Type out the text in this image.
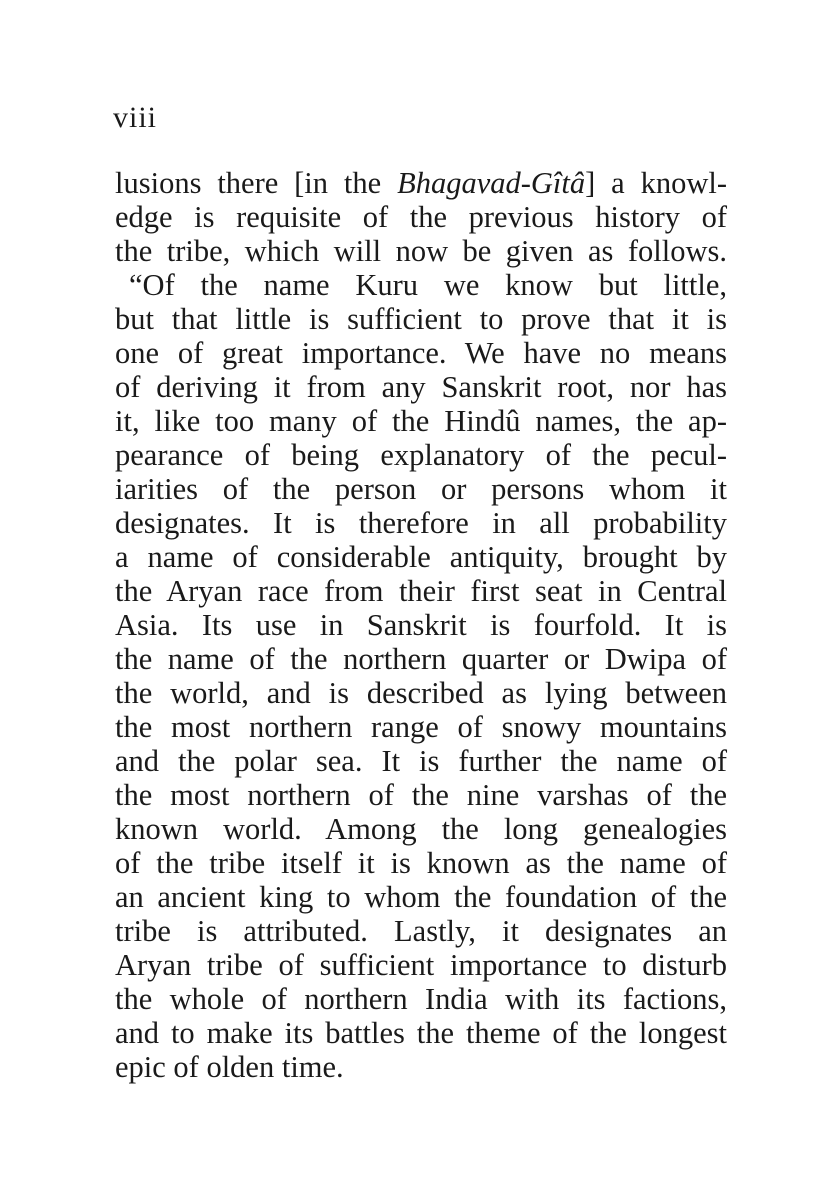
viii
lusions there [in the Bhagavad-Gîtâ] a knowl-
edge is requisite of the previous history of
the tribe, which will now be given as follows.
“Of the name Kuru we know but little,
but that little is sufficient to prove that it is
one of great importance. We have no means
of deriving it from any Sanskrit root, nor has
it, like too many of the Hindû names, the ap-
pearance of being explanatory of the pecul-
iarities of the person or persons whom it
designates. It is therefore in all probability
a name of considerable antiquity, brought by
the Aryan race from their first seat in Central
Asia. Its use in Sanskrit is fourfold. It is
the name of the northern quarter or Dwipa of
the world, and is described as lying between
the most northern range of snowy mountains
and the polar sea. It is further the name of
the most northern of the nine varshas of the
known world. Among the long genealogies
of the tribe itself it is known as the name of
an ancient king to whom the foundation of the
tribe is attributed. Lastly, it designates an
Aryan tribe of sufficient importance to disturb
the whole of northern India with its factions,
and to make its battles the theme of the longest
epic of olden time.
